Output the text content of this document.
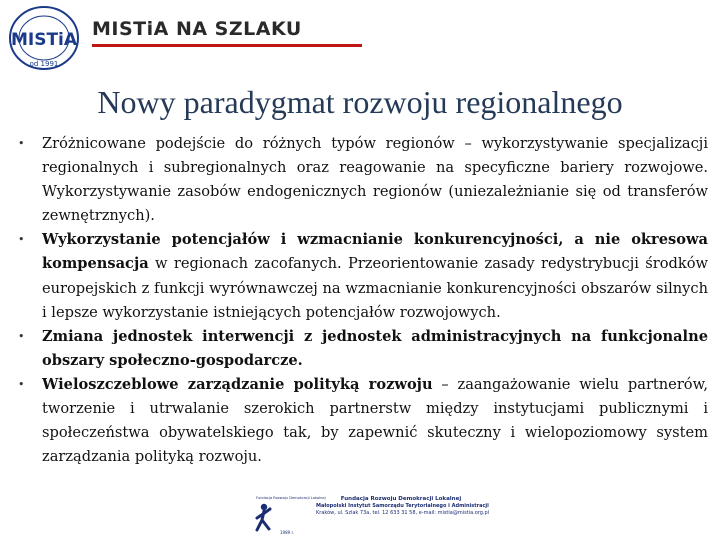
MISTiA
od 1991
MISTiA NA SZLAKU
Nowy paradygmat rozwoju regionalnego
•	Zróżnicowane podejście do różnych typów regionów – wykorzystywanie specjalizacji regionalnych i subregionalnych oraz reagowanie na specyficzne bariery rozwojowe. Wykorzystywanie zasobów endogenicznych regionów (uniezależnianie się od transferów zewnętrznych).

•	Wykorzystanie potencjałów i wzmacnianie konkurencyjności, a nie okresowa kompensacja w regionach zacofanych. Przeorientowanie zasady redystrybucji środków europejskich z funkcji wyrównawczej na wzmacnianie konkurencyjności obszarów silnych i lepsze wykorzystanie istniejących potencjałów rozwojowych.

•	Zmiana jednostek interwencji z jednostek administracyjnych na funkcjonalne obszary społeczno-gospodarcze.

•	Wieloszczeblowe zarządzanie polityką rozwoju – zaangażowanie wielu partnerów, tworzenie i utrwalanie szerokich partnerstw między instytucjami publicznymi i społeczeństwa obywatelskiego tak, by zapewnić skuteczny i wielopoziomowy system zarządzania polityką rozwoju.

Fundacja Rozwoju Demokracji Lokalnej
1989 r.
Fundacja Rozwoju Demokracji Lokalnej
Małopolski Instytut Samorządu Terytorialnego i Administracji
Kraków, ul. Szlak 73a, tel. 12 633 31 58, e-mail: mistia@mistia.org.pl
